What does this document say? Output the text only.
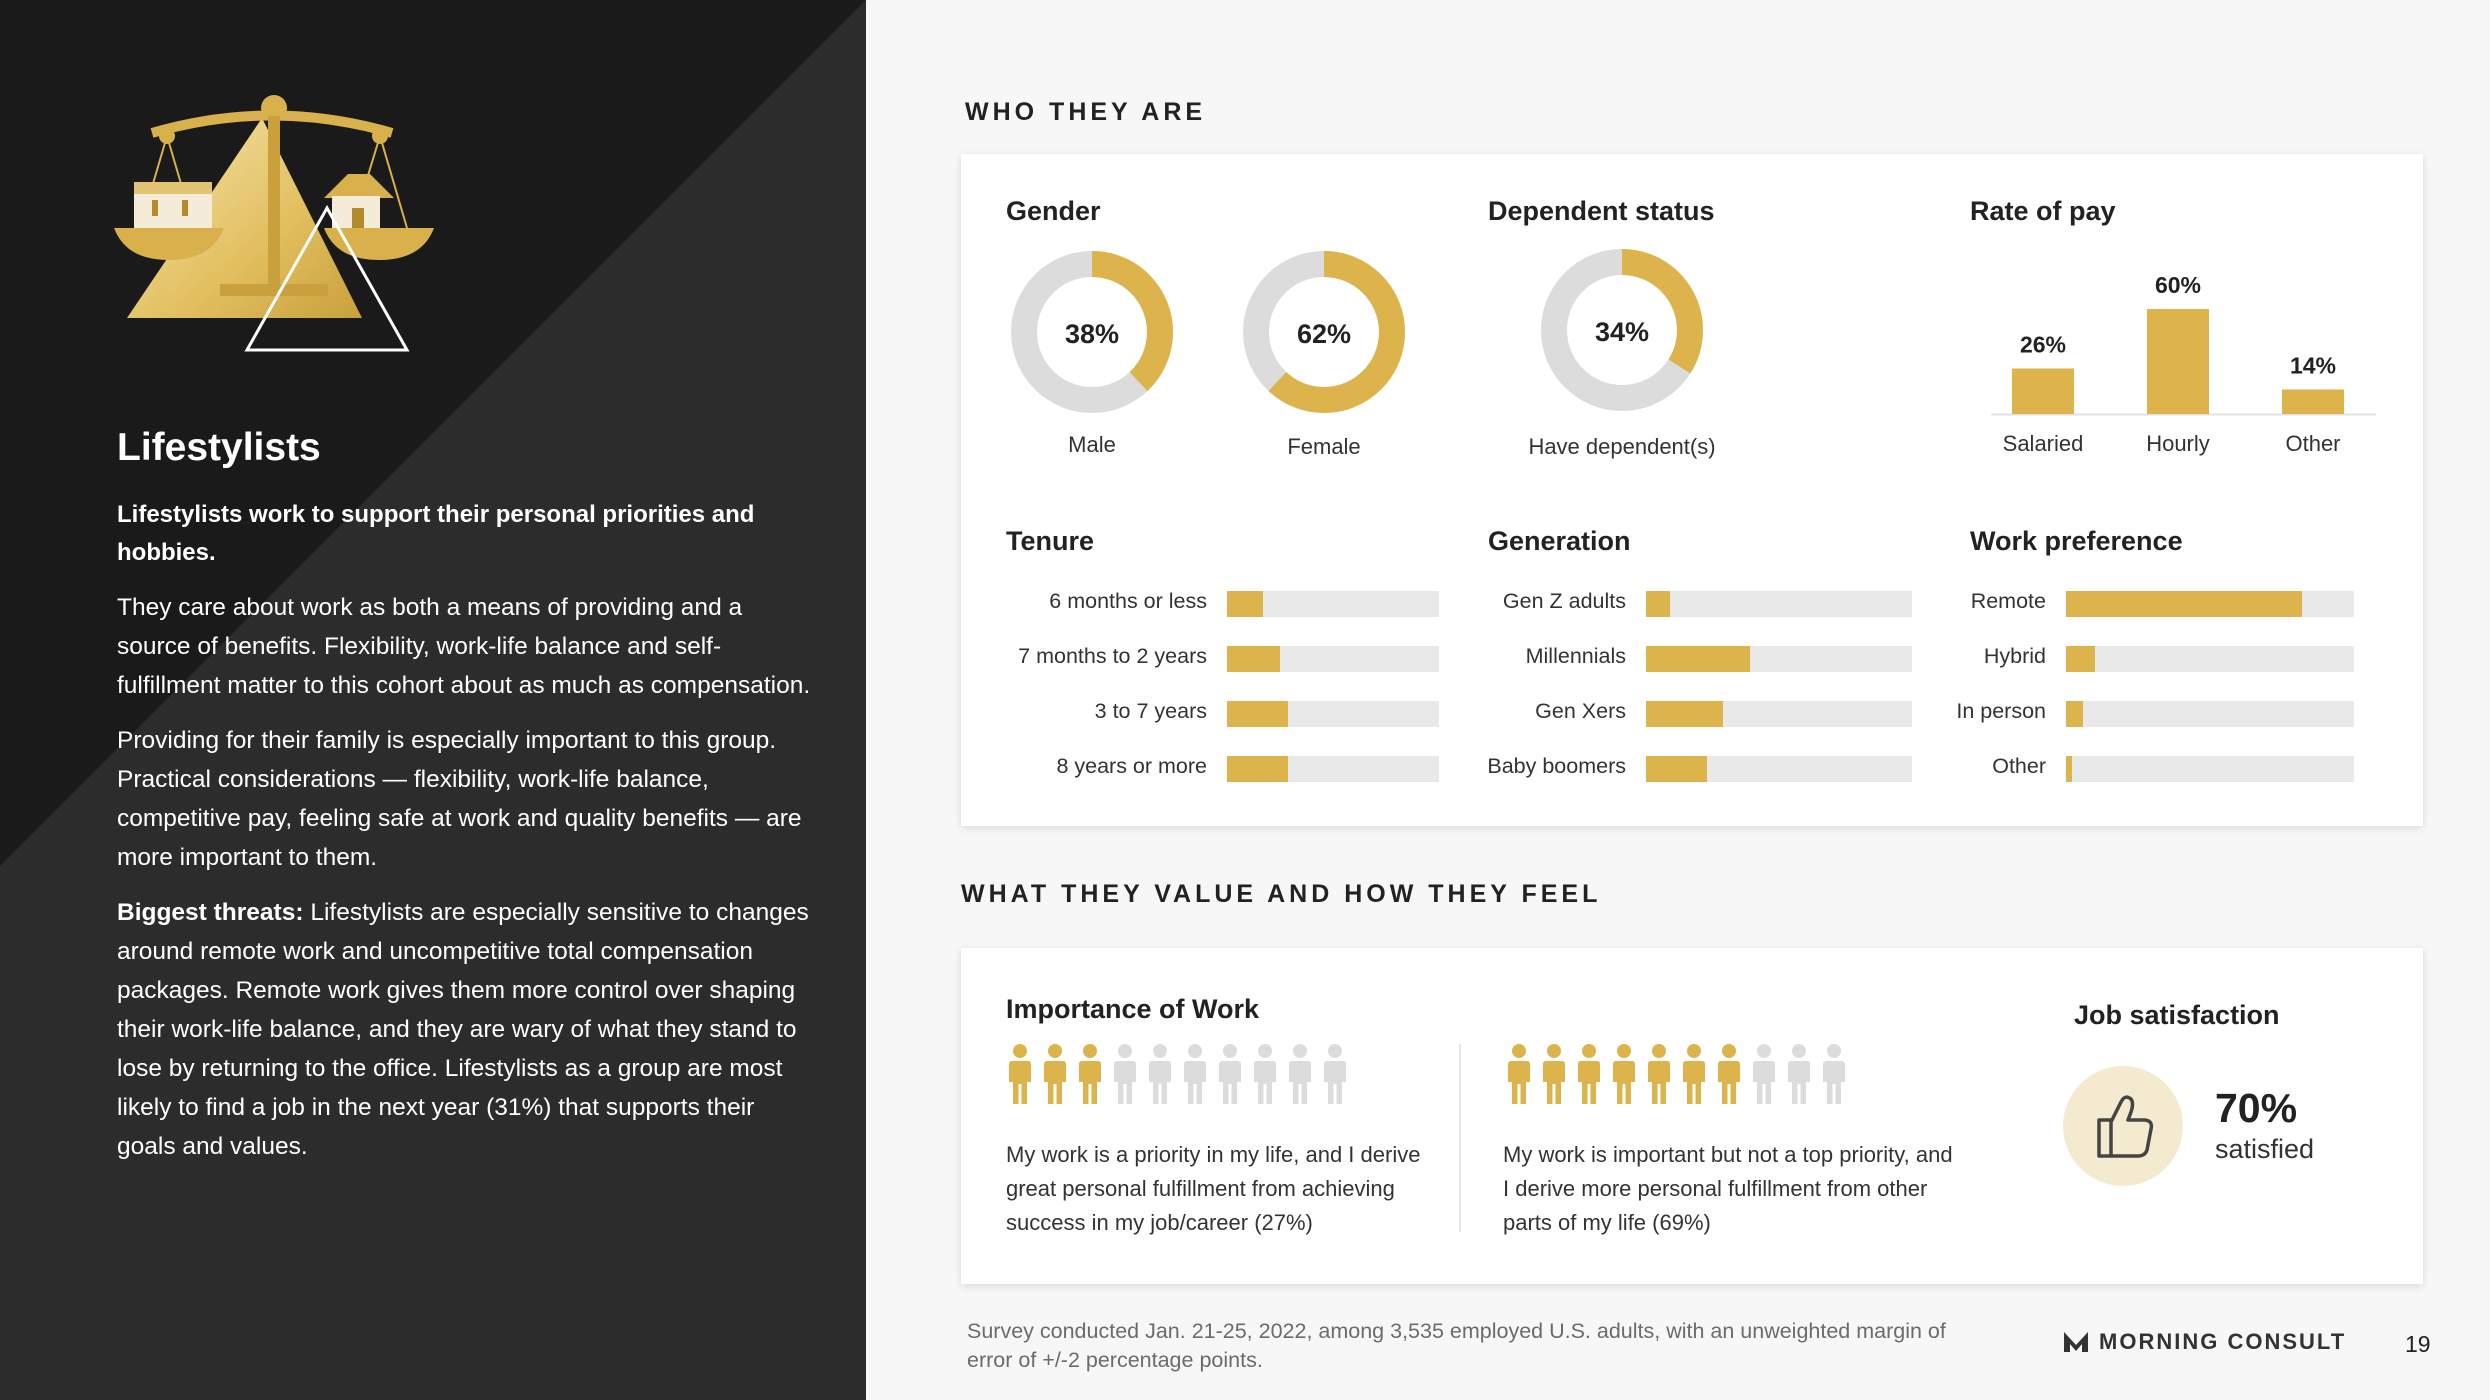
Lifestylists
Lifestylists work to support their personal priorities and hobbies.

They care about work as both a means of providing and a source of benefits. Flexibility, work-life balance and self-fulfillment matter to this cohort about as much as compensation.

Providing for their family is especially important to this group. Practical considerations — flexibility, work-life balance, competitive pay, feeling safe at work and quality benefits — are more important to them.

Biggest threats: Lifestylists are especially sensitive to changes around remote work and uncompetitive total compensation packages. Remote work gives them more control over shaping their work-life balance, and they are wary of what they stand to lose by returning to the office. Lifestylists as a group are most likely to find a job in the next year (31%) that supports their goals and values.

WHO THEY ARE
Gender
38%
Male
62%
Female
Dependent status
34%
Have dependent(s)
Rate of pay
26%
Salaried
60%
Hourly
14%
Other
Tenure
6 months or less
7 months to 2 years
3 to 7 years
8 years or more
Generation
Gen Z adults
Millennials
Gen Xers
Baby boomers
Work preference
Remote
Hybrid
In person
Other
WHAT THEY VALUE AND HOW THEY FEEL
Importance of Work
My work is a priority in my life, and I derive great personal fulfillment from achieving success in my job/career (27%)
My work is important but not a top priority, and I derive more personal fulfillment from other parts of my life (69%)
Job satisfaction
70%
satisfied
Survey conducted Jan. 21-25, 2022, among 3,535 employed U.S. adults, with an unweighted margin of error of +/-2 percentage points.
MORNING CONSULT	19
